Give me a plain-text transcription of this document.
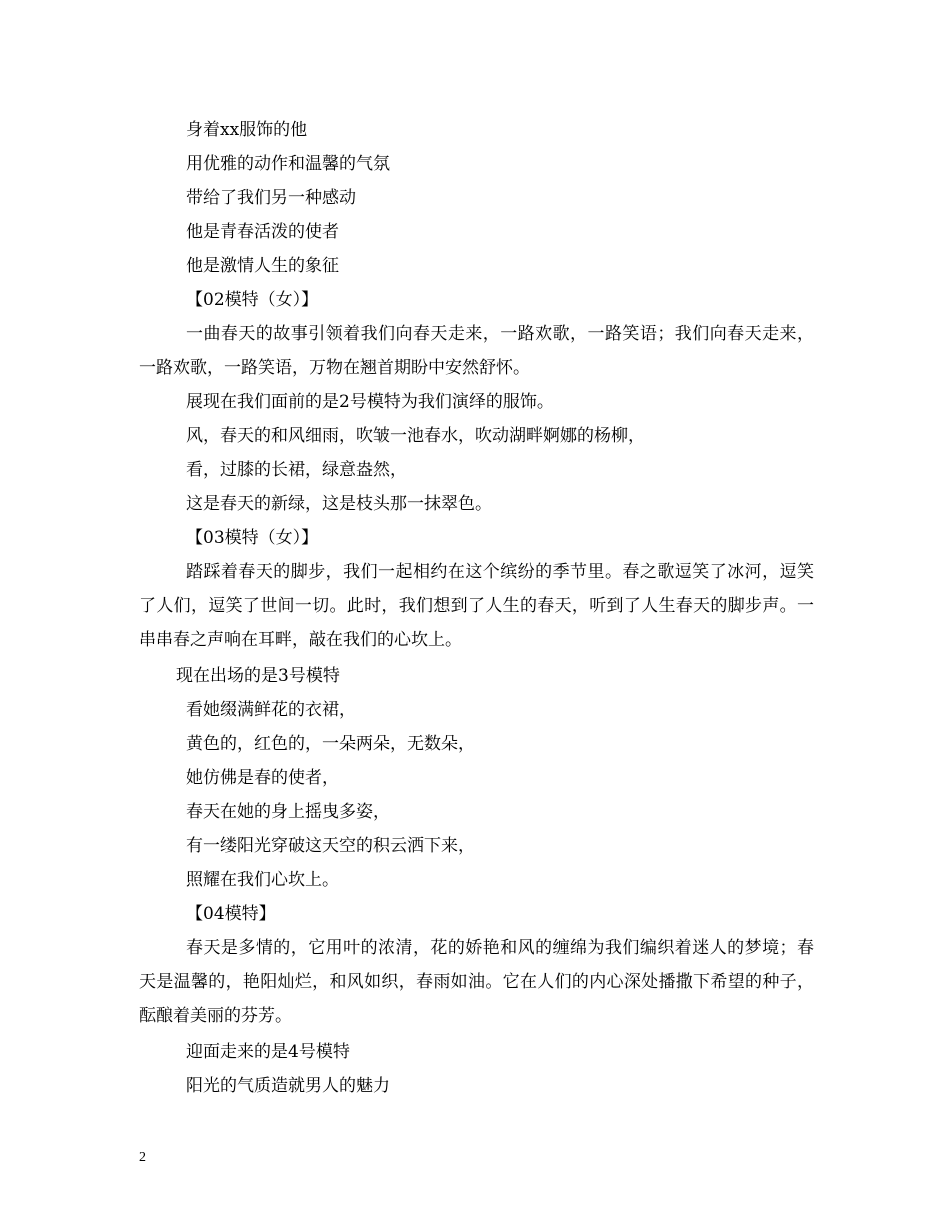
身着xx服饰的他
用优雅的动作和温馨的气氛
带给了我们另一种感动
他是青春活泼的使者
他是激情人生的象征
【02模特（女）】
一曲春天的故事引领着我们向春天走来，一路欢歌，一路笑语；我们向春天走来，一路欢歌，一路笑语，万物在翘首期盼中安然舒怀。
展现在我们面前的是2号模特为我们演绎的服饰。
风，春天的和风细雨，吹皱一池春水，吹动湖畔婀娜的杨柳，
看，过膝的长裙，绿意盎然，
这是春天的新绿，这是枝头那一抹翠色。
【03模特（女）】
踏踩着春天的脚步，我们一起相约在这个缤纷的季节里。春之歌逗笑了冰河，逗笑了人们，逗笑了世间一切。此时，我们想到了人生的春天，听到了人生春天的脚步声。一串串春之声响在耳畔，敲在我们的心坎上。
现在出场的是3号模特
看她缀满鲜花的衣裙，
黄色的，红色的，一朵两朵，无数朵，
她仿佛是春的使者，
春天在她的身上摇曳多姿，
有一缕阳光穿破这天空的积云洒下来，
照耀在我们心坎上。
【04模特】
春天是多情的，它用叶的浓清，花的娇艳和风的缠绵为我们编织着迷人的梦境；春天是温馨的，艳阳灿烂，和风如织，春雨如油。它在人们的内心深处播撒下希望的种子，酝酿着美丽的芬芳。
迎面走来的是4号模特
阳光的气质造就男人的魅力
2
